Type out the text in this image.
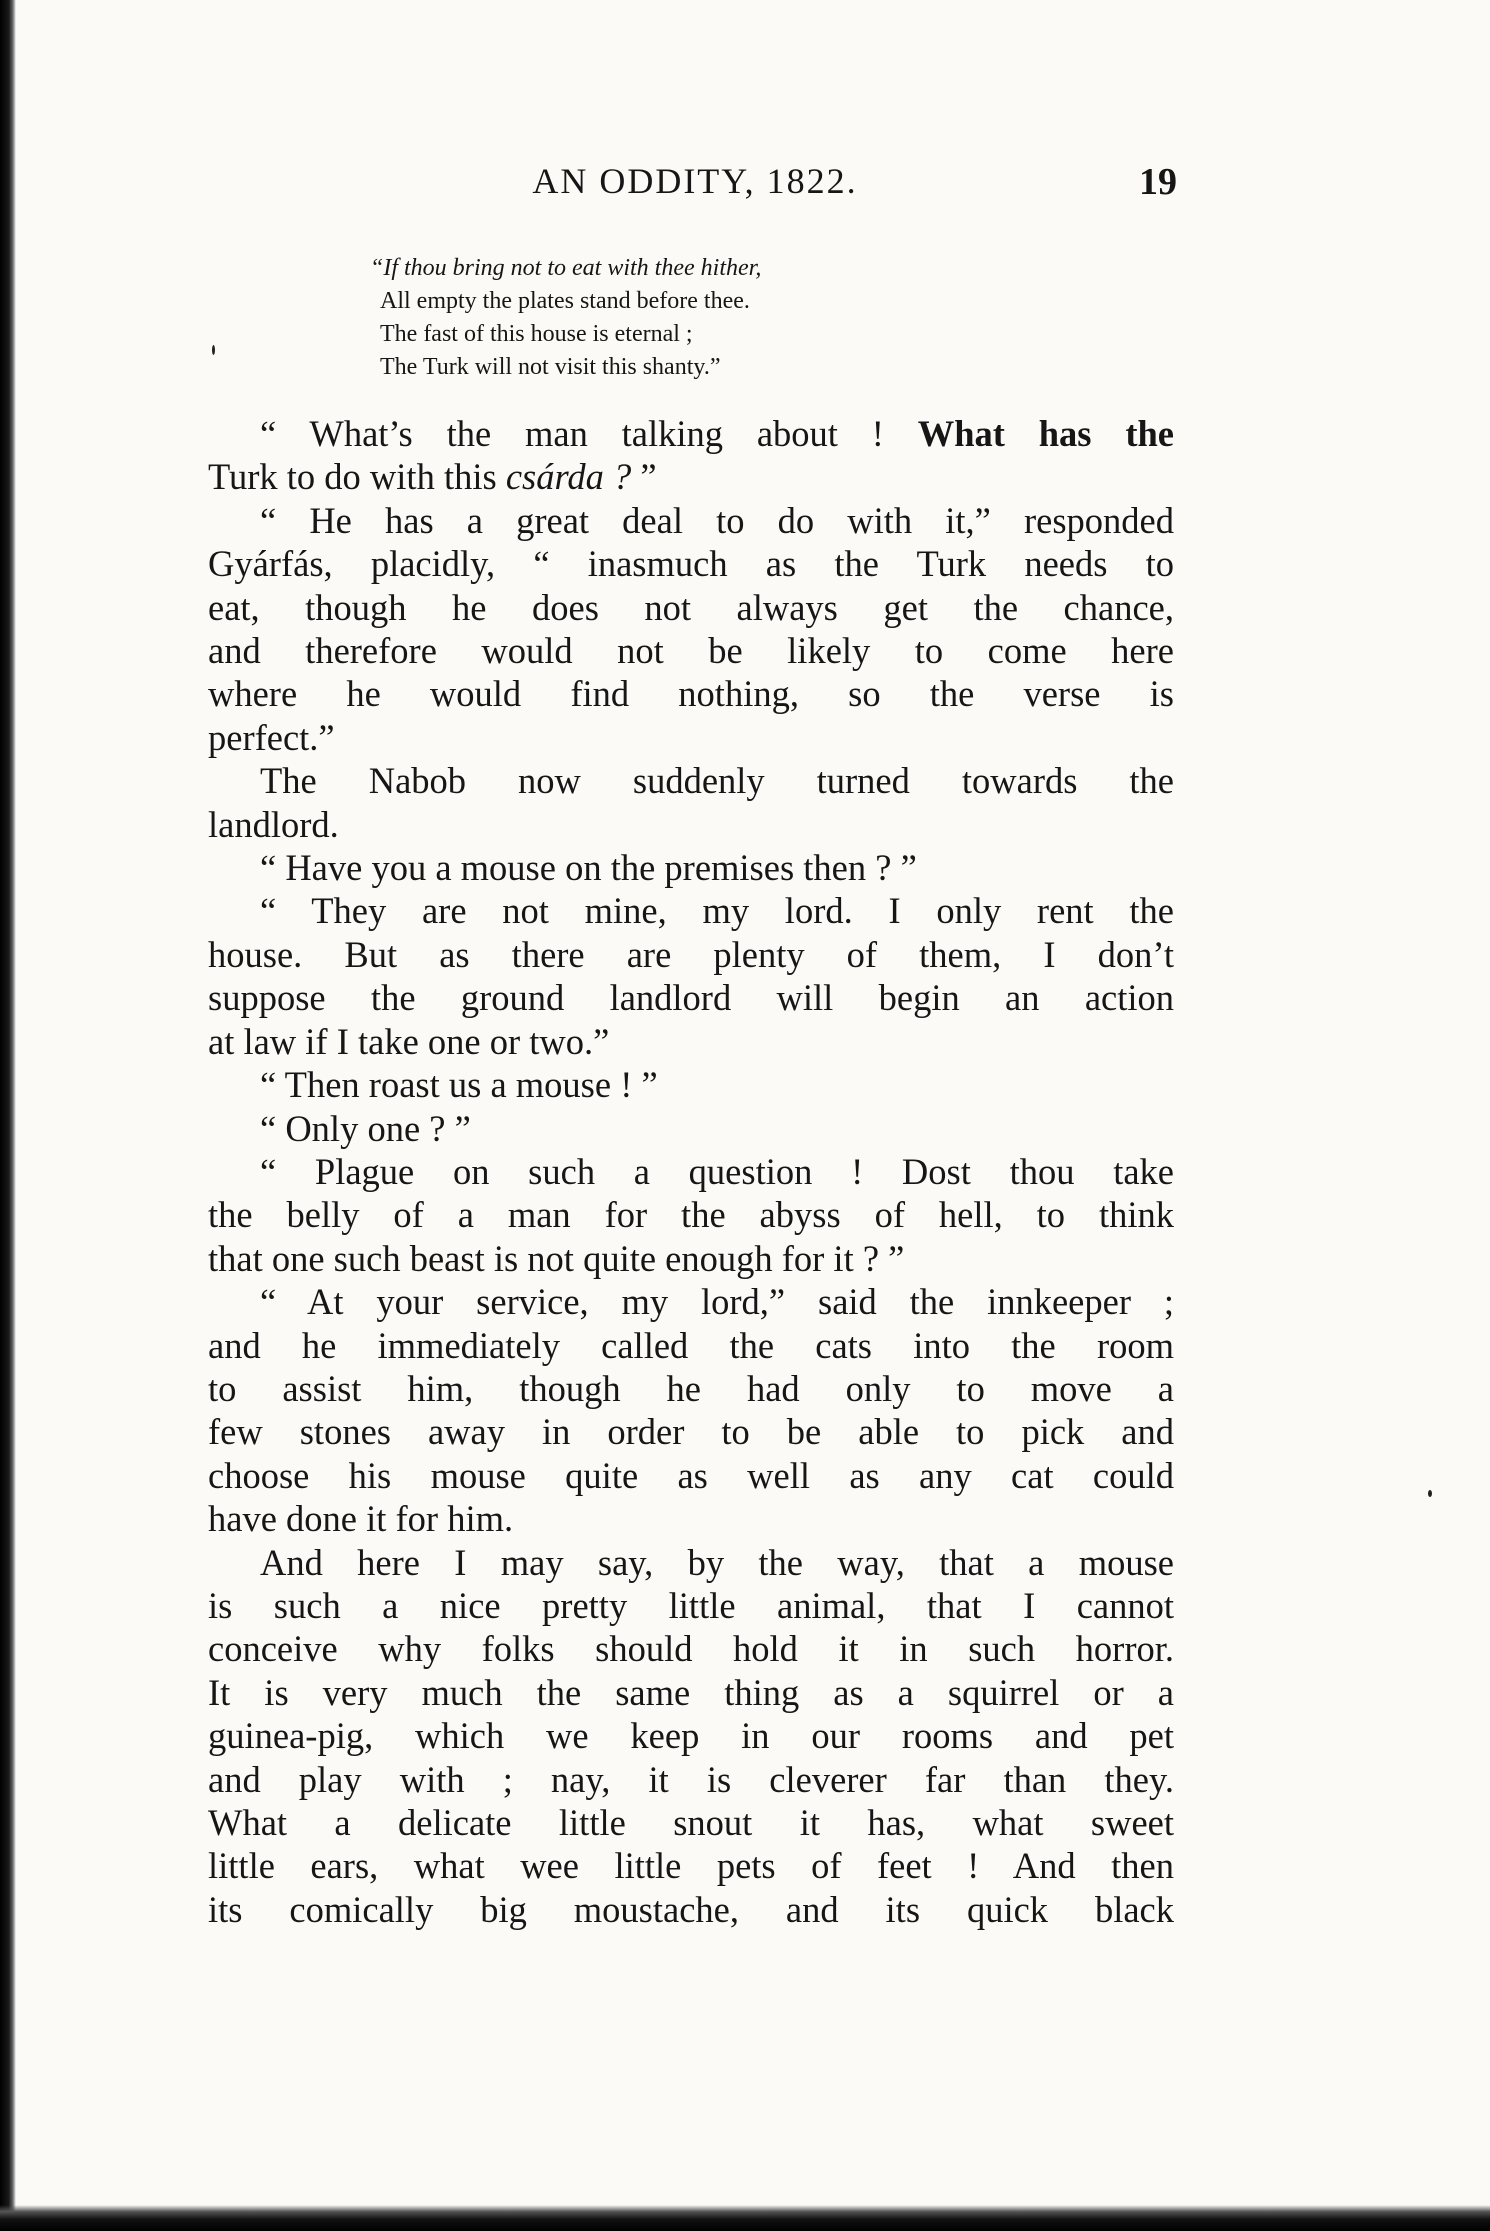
AN ODDITY, 1822.	19
“If thou bring not to eat with thee hither,
All empty the plates stand before thee.
The fast of this house is eternal ;
The Turk will not visit this shanty.”
“ What’s the man talking about ! What has the
Turk to do with this csárda ? ”
“ He has a great deal to do with it,” responded
Gyárfás, placidly, “ inasmuch as the Turk needs to
eat, though he does not always get the chance,
and therefore would not be likely to come here
where he would find nothing, so the verse is
perfect.”
The Nabob now suddenly turned towards the
landlord.
“ Have you a mouse on the premises then ? ”
“ They are not mine, my lord. I only rent the
house. But as there are plenty of them, I don’t
suppose the ground landlord will begin an action
at law if I take one or two.”
“ Then roast us a mouse ! ”
“ Only one ? ”
“ Plague on such a question ! Dost thou take
the belly of a man for the abyss of hell, to think
that one such beast is not quite enough for it ? ”
“ At your service, my lord,” said the innkeeper ;
and he immediately called the cats into the room
to assist him, though he had only to move a
few stones away in order to be able to pick and
choose his mouse quite as well as any cat could
have done it for him.
And here I may say, by the way, that a mouse
is such a nice pretty little animal, that I cannot
conceive why folks should hold it in such horror.
It is very much the same thing as a squirrel or a
guinea-pig, which we keep in our rooms and pet
and play with ; nay, it is cleverer far than they.
What a delicate little snout it has, what sweet
little ears, what wee little pets of feet ! And then
its comically big moustache, and its quick black
